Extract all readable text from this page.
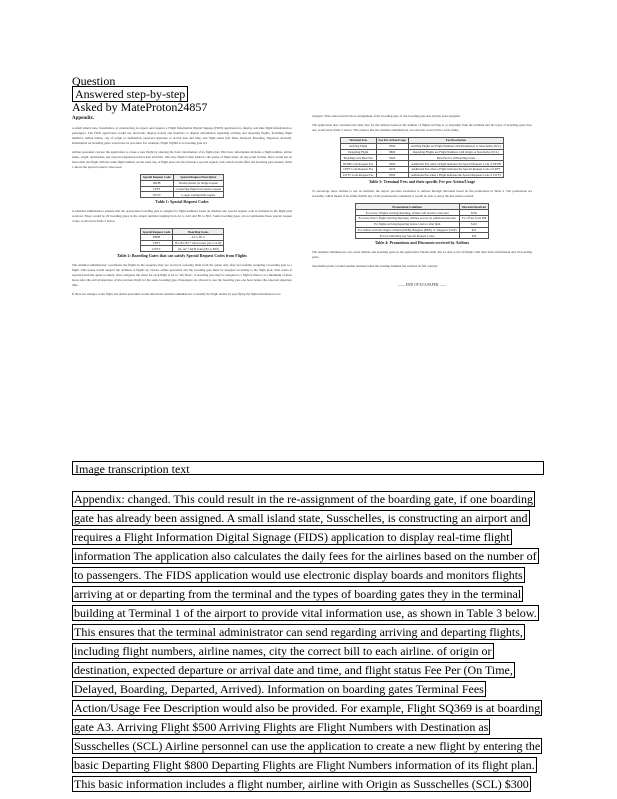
Question
Answered step-by-step
Asked by MateProton24857
Appendix.

A small island state, Susschelles, is constructing an airport and requires a Flight Information Digital Signage (FIDS) application to display real-time flight information to passengers. The FIDS application would use electronic display boards and monitors to display information regarding arriving and departing flights, including flight numbers, airline names, city of origin or destination, expected departure or arrival date and time, and flight status (On Time, Delayed, Boarding, Departed, Arrived). Information on boarding gates would also be provided. For example, Flight SQ369 is at boarding gate A3.

Airline personnel can use the application to create a new flight by entering the basic information of its flight plan. This basic information includes a flight number, airline name, origin, destination, and expected departure/arrival date and time. This new flight is then added to the queue of flight plans. At any point in time, there would not be more than one flight with the same flight number on the same day. A flight plan can also include a special request code which would affect the boarding gate needed. Table 1 shows the special request codes used.

Special Request Code	Special Request Description
DDJB	Double-decker jet bridge request
CPFT	Connecting flight fast transfer request
LWTT	Longer waiting time request
Table 1: Special Request Codes

A terminal administrator ensures that the appropriate boarding gate is assigned to flight numbers based on whether any special request code is included in the flight plan received. There would be 20 boarding gates in the airport terminal ranging from A1 to A10 and B1 to B10. Some boarding gates can accommodate these special request codes, as shown in Table 2 below.

Special Request Code	Boarding Gates
DDJB	A1-5, B1-5
CPFT	B1, B2, B3 + A6-A Gates (A1 to A10)
LWTT	A1, A2 + A6-B Gates (B1 to B10)
Table 2: Boarding Gates that can satisfy Special Request Codes from Flights

The terminal administrator coordinates the flights in the sequence they are received, releasing them from the queue only after successfully assigning a boarding gate to a flight. This queue would support the addition of flights by various airline personnel and the boarding gate must be assigned according to the flight plan. This action is repeated until the queue is empty. Once assigned, the status for each flight is set to "On Time". A boarding gate may be assigned to a flight if there is at a minimum of three hours after the arrival/departure of the previous flight for the same boarding gate. Passengers are allowed to use the boarding gate one hour before the expected departure time.

If there are changes to the flight, the airline personnel would inform the terminal administrator to modify the flight details by specifying the flight information to be

changed. This could result in the re-assignment of the boarding gate, if one boarding gate has already been assigned.

The application also calculates the daily fees for the airlines based on the number of flights arriving at or departing from the terminal and the types of boarding gates they use, as shown in Table 3 below. This ensures that the terminal administrator can send the correct bill to each airline.

Terminal Fees	Fee Per Action/Usage	Fee Description
Arriving Flight	$500	Arriving Flights are Flight Numbers with Destination as Susschelles (SCL)
Departing Flight	$800	Departing Flights are Flight Numbers with Origin as Susschelles (SCL)
Boarding Gate Base Fee	$300	Base Fee for all Boarding Gates
DDJB Code Request Fee	$300	Additional Fee when a Flight indicates the Special Request Code of DDJB
CPFT Code Request Fee	$150	Additional Fee when a Flight indicates the Special Request Code of CPFT
LWTT Code Request Fee	$500	Additional Fee when a Flight indicates the Special Request Code of LWTT
Table 3: Terminal Fees and their specific Fee per Action/Usage

To encourage more airlines to use its terminal, the airport provides incentives to airlines through discounts based on the promotions in Table 4. The promotions are stackable, which means if an airline fulfills any of the promotional conditions, it would be able to enjoy the discounts received.

Promotional Condition	Discount Received
For every 3 flights arriving/departing, airlines will receive a discount	$350
For more than 5 flights arriving/departing, airlines receive an additional discount	3% off the Total Bill
For flights arriving/departing before 11am or after 9pm	$110
For airlines with the Origin of Dubai (DXB), Bangkok (BKK) or Singapore (SGP)	$25
For not indicating any Special Request Codes	$50
Table 4: Promotions and Discounts received by Airlines

The terminal administrator can create airlines and boarding gates in the application. He/she shall also be able to list all flights with their basic information and all boarding gates.

Susschelles plans to build another terminal when the existing terminal has reached its full capacity.

—— END OF ECA PAPER ——
Image transcription text
Appendix: changed. This could result in the re-assignment of the boarding gate, if one boarding
gate has already been assigned. A small island state, Susschelles, is constructing an airport and
requires a Flight Information Digital Signage (FIDS) application to display real-time flight
information The application also calculates the daily fees for the airlines based on the number of
to passengers. The FIDS application would use electronic display boards and monitors flights
arriving at or departing from the terminal and the types of boarding gates they in the terminal
building at Terminal 1 of the airport to provide vital information use, as shown in Table 3 below.
This ensures that the terminal administrator can send regarding arriving and departing flights,
including flight numbers, airline names, city the correct bill to each airline. of origin or
destination, expected departure or arrival date and time, and flight status Fee Per (On Time,
Delayed, Boarding, Departed, Arrived). Information on boarding gates Terminal Fees
Action/Usage Fee Description would also be provided. For example, Flight SQ369 is at boarding
gate A3. Arriving Flight $500 Arriving Flights are Flight Numbers with Destination as
Susschelles (SCL) Airline personnel can use the application to create a new flight by entering the
basic Departing Flight $800 Departing Flights are Flight Numbers information of its flight plan.
This basic information includes a flight number, airline with Origin as Susschelles (SCL) $300
